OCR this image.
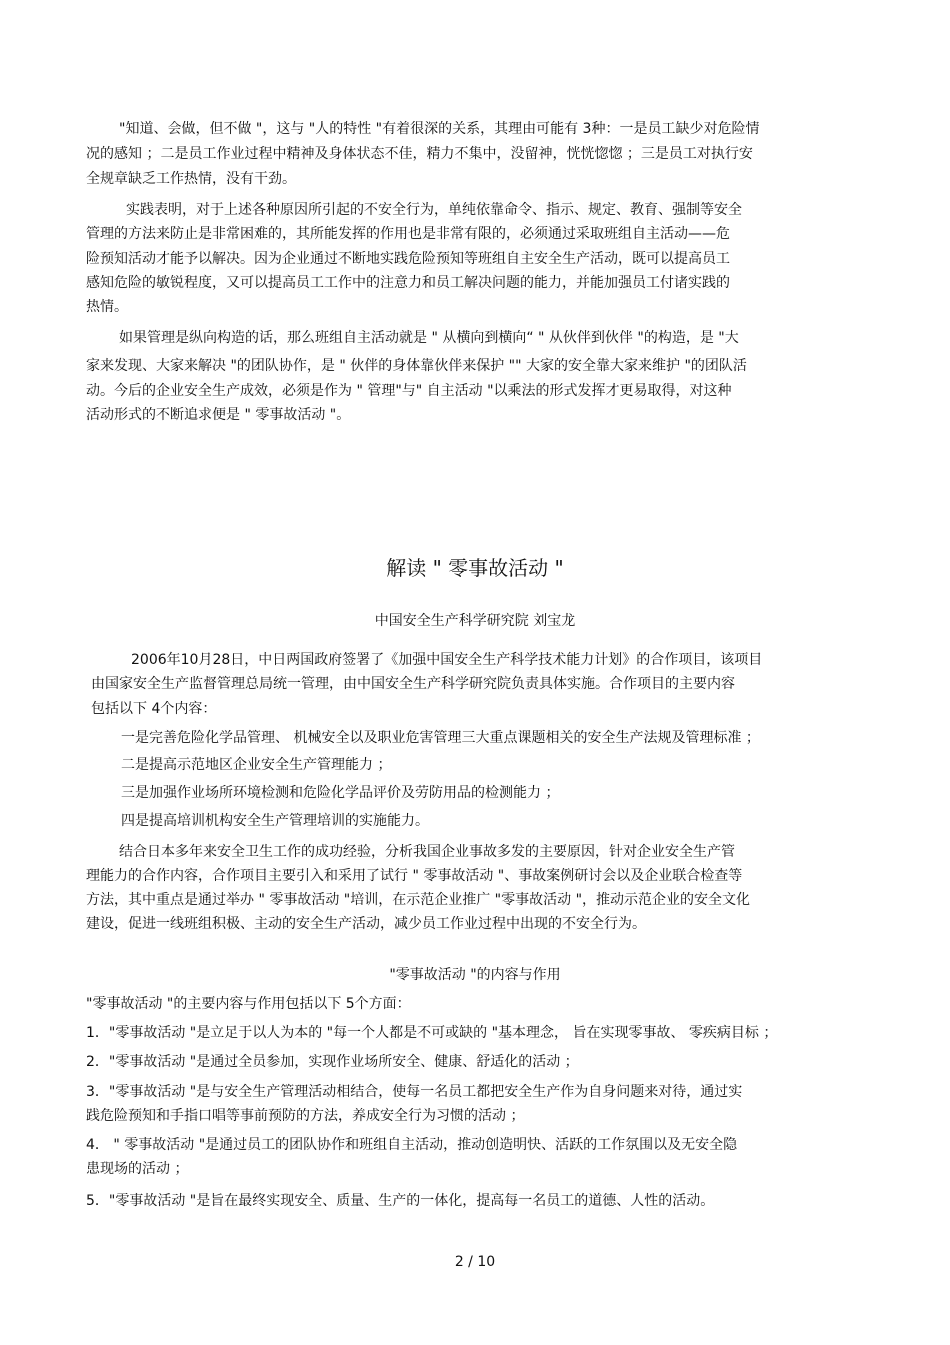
"知道、会做，但不做 "，这与 "人的特性 "有着很深的关系，其理由可能有 3种：一是员工缺少对危险情
况的感知 ；二是员工作业过程中精神及身体状态不佳，精力不集中，没留神，恍恍惚惚 ；三是员工对执行安
全规章缺乏工作热情，没有干劲。
实践表明，对于上述各种原因所引起的不安全行为，单纯依靠命令、指示、规定、教育、强制等安全
管理的方法来防止是非常困难的，其所能发挥的作用也是非常有限的，必须通过采取班组自主活动——危
险预知活动才能予以解决。因为企业通过不断地实践危险预知等班组自主安全生产活动，既可以提高员工
感知危险的敏锐程度，又可以提高员工工作中的注意力和员工解决问题的能力，并能加强员工付诸实践的
热情。
如果管理是纵向构造的话，那么班组自主活动就是 " 从横向到横向“ " 从伙伴到伙伴 "的构造，是 "大
家来发现、大家来解决 "的团队协作，是 " 伙伴的身体靠伙伴来保护 "" 大家的安全靠大家来维护 "的团队活
动。今后的企业安全生产成效，必须是作为 " 管理"与" 自主活动 "以乘法的形式发挥才更易取得，对这种
活动形式的不断追求便是 " 零事故活动 "。
解读 " 零事故活动 "
中国安全生产科学研究院 刘宝龙
2006年10月28日，中日两国政府签署了《加强中国安全生产科学技术能力计划》的合作项目，该项目
由国家安全生产监督管理总局统一管理，由中国安全生产科学研究院负责具体实施。合作项目的主要内容
包括以下 4个内容：
一是完善危险化学品管理、 机械安全以及职业危害管理三大重点课题相关的安全生产法规及管理标准 ；
二是提高示范地区企业安全生产管理能力 ；
三是加强作业场所环境检测和危险化学品评价及劳防用品的检测能力 ；
四是提高培训机构安全生产管理培训的实施能力。
结合日本多年来安全卫生工作的成功经验，分析我国企业事故多发的主要原因，针对企业安全生产管
理能力的合作内容，合作项目主要引入和采用了试行 " 零事故活动 "、事故案例研讨会以及企业联合检查等
方法，其中重点是通过举办 " 零事故活动 "培训，在示范企业推广 "零事故活动 "，推动示范企业的安全文化
建设，促进一线班组积极、主动的安全生产活动，减少员工作业过程中出现的不安全行为。
"零事故活动 "的内容与作用
"零事故活动 "的主要内容与作用包括以下 5个方面：
1．"零事故活动 "是立足于以人为本的 "每一个人都是不可或缺的 "基本理念， 旨在实现零事故、 零疾病目标 ；
2．"零事故活动 "是通过全员参加，实现作业场所安全、健康、舒适化的活动 ；
3．"零事故活动 "是与安全生产管理活动相结合，使每一名员工都把安全生产作为自身问题来对待，通过实
践危险预知和手指口唱等事前预防的方法，养成安全行为习惯的活动 ；
4． " 零事故活动 "是通过员工的团队协作和班组自主活动，推动创造明快、活跃的工作氛围以及无安全隐
患现场的活动 ；
5．"零事故活动 "是旨在最终实现安全、质量、生产的一体化，提高每一名员工的道德、人性的活动。
2 / 10
